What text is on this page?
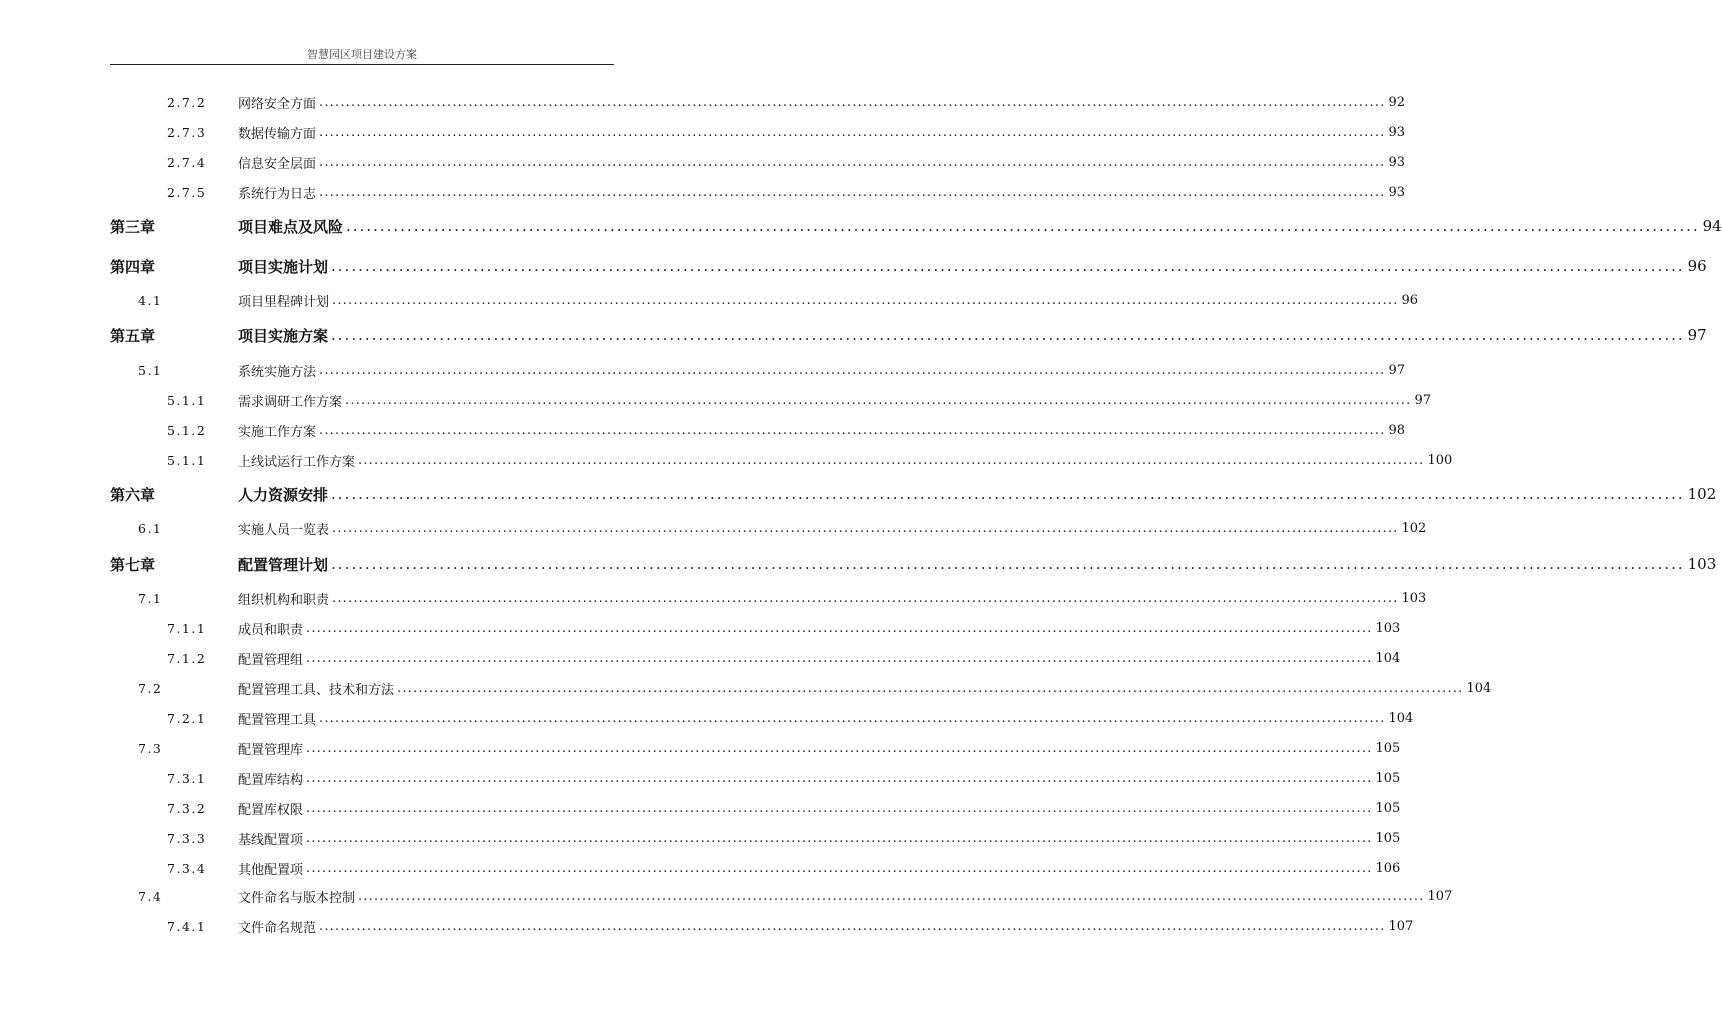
智慧园区项目建设方案
2.7.2 网络安全方面 ........................................................................................................................................................................................................ 92
2.7.3 数据传输方面 ........................................................................................................................................................................................................ 93
2.7.4 信息安全层面 ........................................................................................................................................................................................................ 93
2.7.5 系统行为日志 ........................................................................................................................................................................................................ 93
第三章	项目难点及风险 ........................................................................................................................................................................................................ 94
第四章	项目实施计划 ........................................................................................................................................................................................................ 96
4.1	项目里程碑计划 ........................................................................................................................................................................................................ 96
第五章	项目实施方案 ........................................................................................................................................................................................................ 97
5.1	系统实施方法 ........................................................................................................................................................................................................ 97
5.1.1 需求调研工作方案 ........................................................................................................................................................................................................ 97
5.1.2 实施工作方案 ........................................................................................................................................................................................................ 98
5.1.1 上线试运行工作方案 ........................................................................................................................................................................................................ 100
第六章	人力资源安排 ........................................................................................................................................................................................................ 102
6.1	实施人员一览表 ........................................................................................................................................................................................................ 102
第七章	配置管理计划 ........................................................................................................................................................................................................ 103
7.1	组织机构和职责 ........................................................................................................................................................................................................ 103
7.1.1 成员和职责 ........................................................................................................................................................................................................ 103
7.1.2 配置管理组 ........................................................................................................................................................................................................ 104
7.2	配置管理工具、技术和方法 ........................................................................................................................................................................................................ 104
7.2.1 配置管理工具 ........................................................................................................................................................................................................ 104
7.3	配置管理库 ........................................................................................................................................................................................................ 105
7.3.1 配置库结构 ........................................................................................................................................................................................................ 105
7.3.2 配置库权限 ........................................................................................................................................................................................................ 105
7.3.3 基线配置项 ........................................................................................................................................................................................................ 105
7.3.4 其他配置项 ........................................................................................................................................................................................................ 106
7.4	文件命名与版本控制 ........................................................................................................................................................................................................ 107
7.4.1 文件命名规范 ........................................................................................................................................................................................................ 107
